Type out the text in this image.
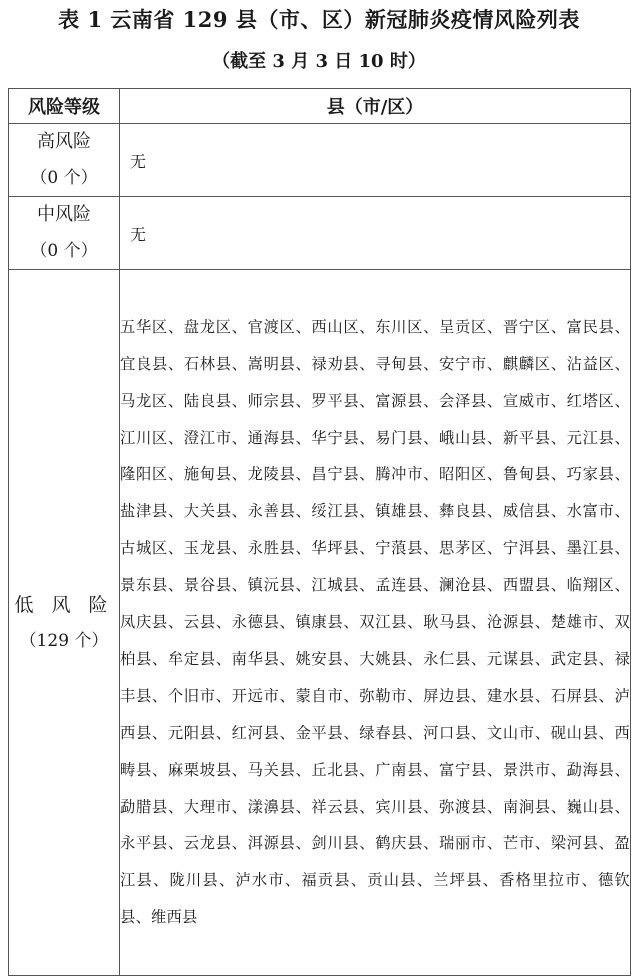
表 1 云南省 129 县（市、区）新冠肺炎疫情风险列表
（截至 3 月 3 日 10 时）
风险等级	县（市/区）

高风险
（0 个）	无

中风险
（0 个）	无

低 风 险
（129 个）	五华区、盘龙区、官渡区、西山区、东川区、呈贡区、晋宁区、富民县、宜良县、石林县、嵩明县、禄劝县、寻甸县、安宁市、麒麟区、沾益区、马龙区、陆良县、师宗县、罗平县、富源县、会泽县、宣威市、红塔区、江川区、澄江市、通海县、华宁县、易门县、峨山县、新平县、元江县、隆阳区、施甸县、龙陵县、昌宁县、腾冲市、昭阳区、鲁甸县、巧家县、盐津县、大关县、永善县、绥江县、镇雄县、彝良县、威信县、水富市、古城区、玉龙县、永胜县、华坪县、宁蒗县、思茅区、宁洱县、墨江县、景东县、景谷县、镇沅县、江城县、孟连县、澜沧县、西盟县、临翔区、凤庆县、云县、永德县、镇康县、双江县、耿马县、沧源县、楚雄市、双柏县、牟定县、南华县、姚安县、大姚县、永仁县、元谋县、武定县、禄丰县、个旧市、开远市、蒙自市、弥勒市、屏边县、建水县、石屏县、泸西县、元阳县、红河县、金平县、绿春县、河口县、文山市、砚山县、西畴县、麻栗坡县、马关县、丘北县、广南县、富宁县、景洪市、勐海县、勐腊县、大理市、漾濞县、祥云县、宾川县、弥渡县、南涧县、巍山县、永平县、云龙县、洱源县、剑川县、鹤庆县、瑞丽市、芒市、梁河县、盈江县、陇川县、泸水市、福贡县、贡山县、兰坪县、香格里拉市、德钦县、维西县
